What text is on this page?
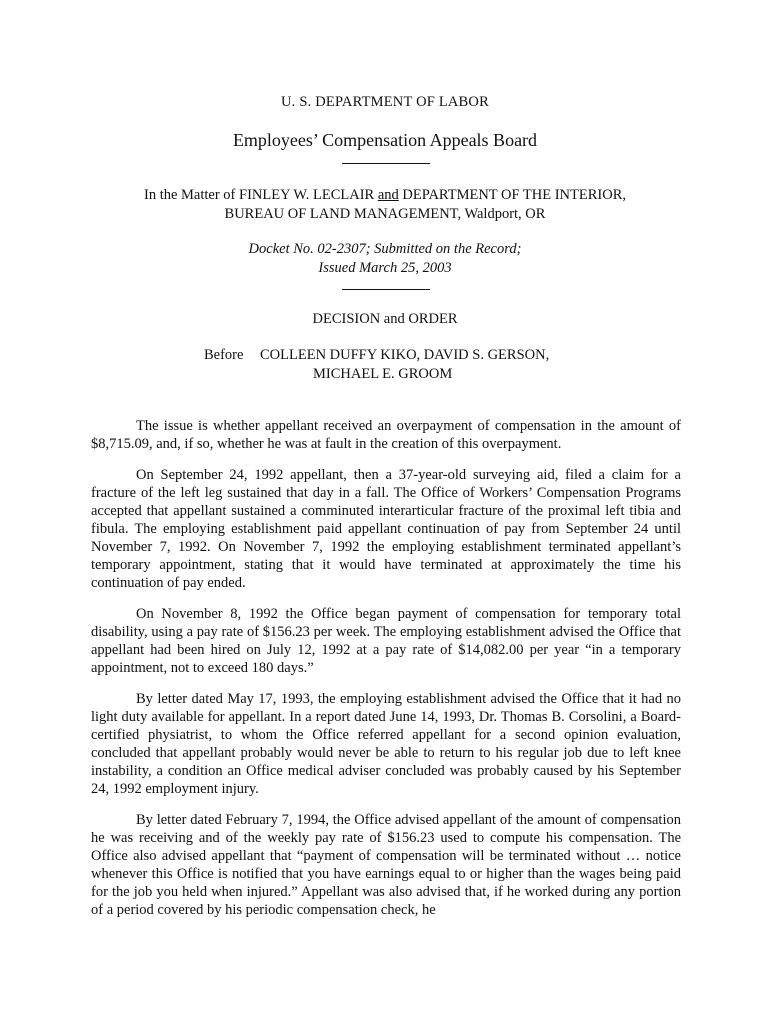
U. S. DEPARTMENT OF LABOR
Employees’ Compensation Appeals Board
In the Matter of FINLEY W. LECLAIR and DEPARTMENT OF THE INTERIOR,
BUREAU OF LAND MANAGEMENT, Waldport, OR
Docket No. 02-2307; Submitted on the Record;
Issued March 25, 2003
DECISION and ORDER
Before COLLEEN DUFFY KIKO, DAVID S. GERSON,
MICHAEL E. GROOM

The issue is whether appellant received an overpayment of compensation in the amount of $8,715.09, and, if so, whether he was at fault in the creation of this overpayment.

On September 24, 1992 appellant, then a 37-year-old surveying aid, filed a claim for a fracture of the left leg sustained that day in a fall. The Office of Workers’ Compensation Programs accepted that appellant sustained a comminuted interarticular fracture of the proximal left tibia and fibula. The employing establishment paid appellant continuation of pay from September 24 until November 7, 1992. On November 7, 1992 the employing establishment terminated appellant’s temporary appointment, stating that it would have terminated at approximately the time his continuation of pay ended.

On November 8, 1992 the Office began payment of compensation for temporary total disability, using a pay rate of $156.23 per week. The employing establishment advised the Office that appellant had been hired on July 12, 1992 at a pay rate of $14,082.00 per year “in a temporary appointment, not to exceed 180 days.”

By letter dated May 17, 1993, the employing establishment advised the Office that it had no light duty available for appellant. In a report dated June 14, 1993, Dr. Thomas B. Corsolini, a Board-certified physiatrist, to whom the Office referred appellant for a second opinion evaluation, concluded that appellant probably would never be able to return to his regular job due to left knee instability, a condition an Office medical adviser concluded was probably caused by his September 24, 1992 employment injury.

By letter dated February 7, 1994, the Office advised appellant of the amount of compensation he was receiving and of the weekly pay rate of $156.23 used to compute his compensation. The Office also advised appellant that “payment of compensation will be terminated without … notice whenever this Office is notified that you have earnings equal to or higher than the wages being paid for the job you held when injured.” Appellant was also advised that, if he worked during any portion of a period covered by his periodic compensation check, he
